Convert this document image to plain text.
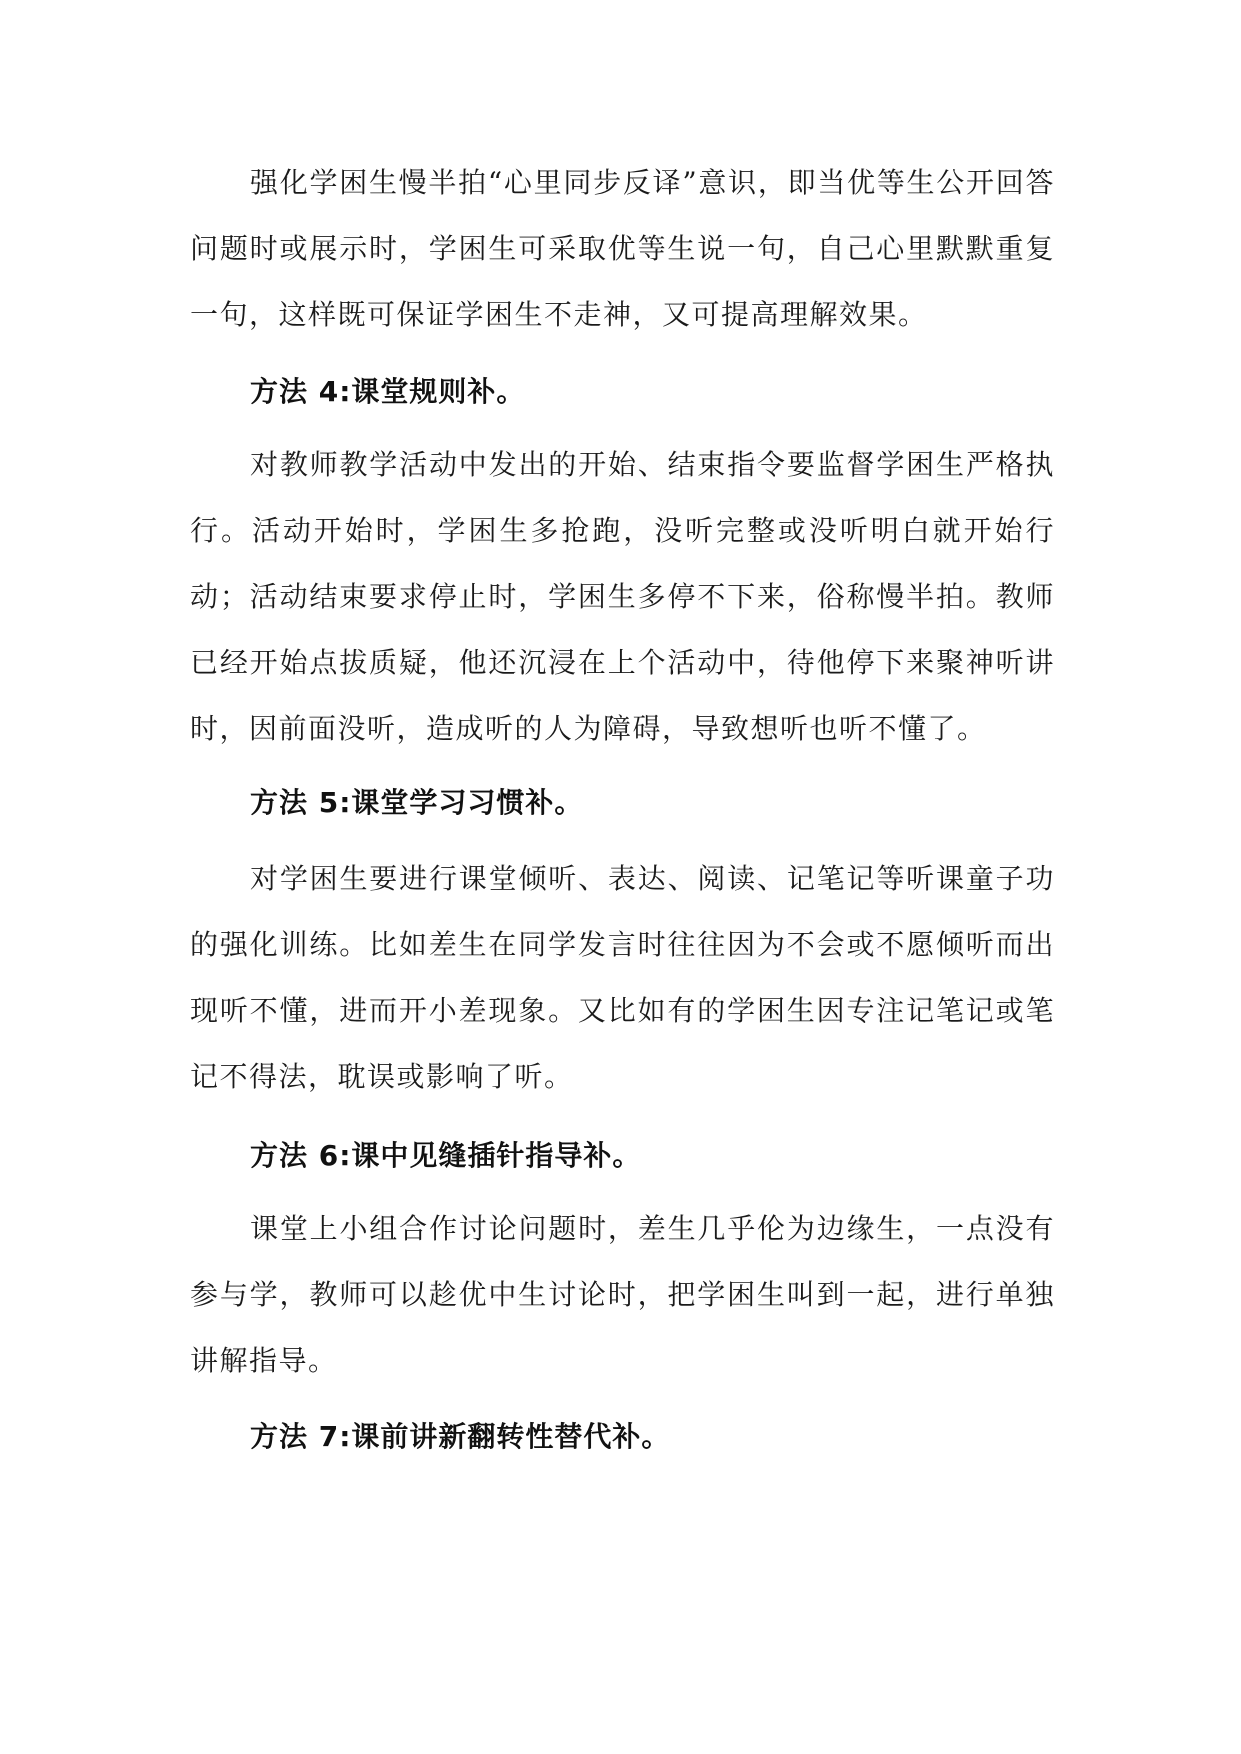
强化学困生慢半拍“心里同步反译”意识，即当优等生公开回答问题时或展示时，学困生可采取优等生说一句，自己心里默默重复一句，这样既可保证学困生不走神，又可提高理解效果。

方法 4:课堂规则补。

对教师教学活动中发出的开始、结束指令要监督学困生严格执行。活动开始时，学困生多抢跑，没听完整或没听明白就开始行动；活动结束要求停止时，学困生多停不下来，俗称慢半拍。教师已经开始点拔质疑，他还沉浸在上个活动中，待他停下来聚神听讲时，因前面没听，造成听的人为障碍，导致想听也听不懂了。

方法 5:课堂学习习惯补。

对学困生要进行课堂倾听、表达、阅读、记笔记等听课童子功的强化训练。比如差生在同学发言时往往因为不会或不愿倾听而出现听不懂，进而开小差现象。又比如有的学困生因专注记笔记或笔记不得法，耽误或影响了听。

方法 6:课中见缝插针指导补。

课堂上小组合作讨论问题时，差生几乎伦为边缘生，一点没有参与学，教师可以趁优中生讨论时，把学困生叫到一起，进行单独讲解指导。

方法 7:课前讲新翻转性替代补。
